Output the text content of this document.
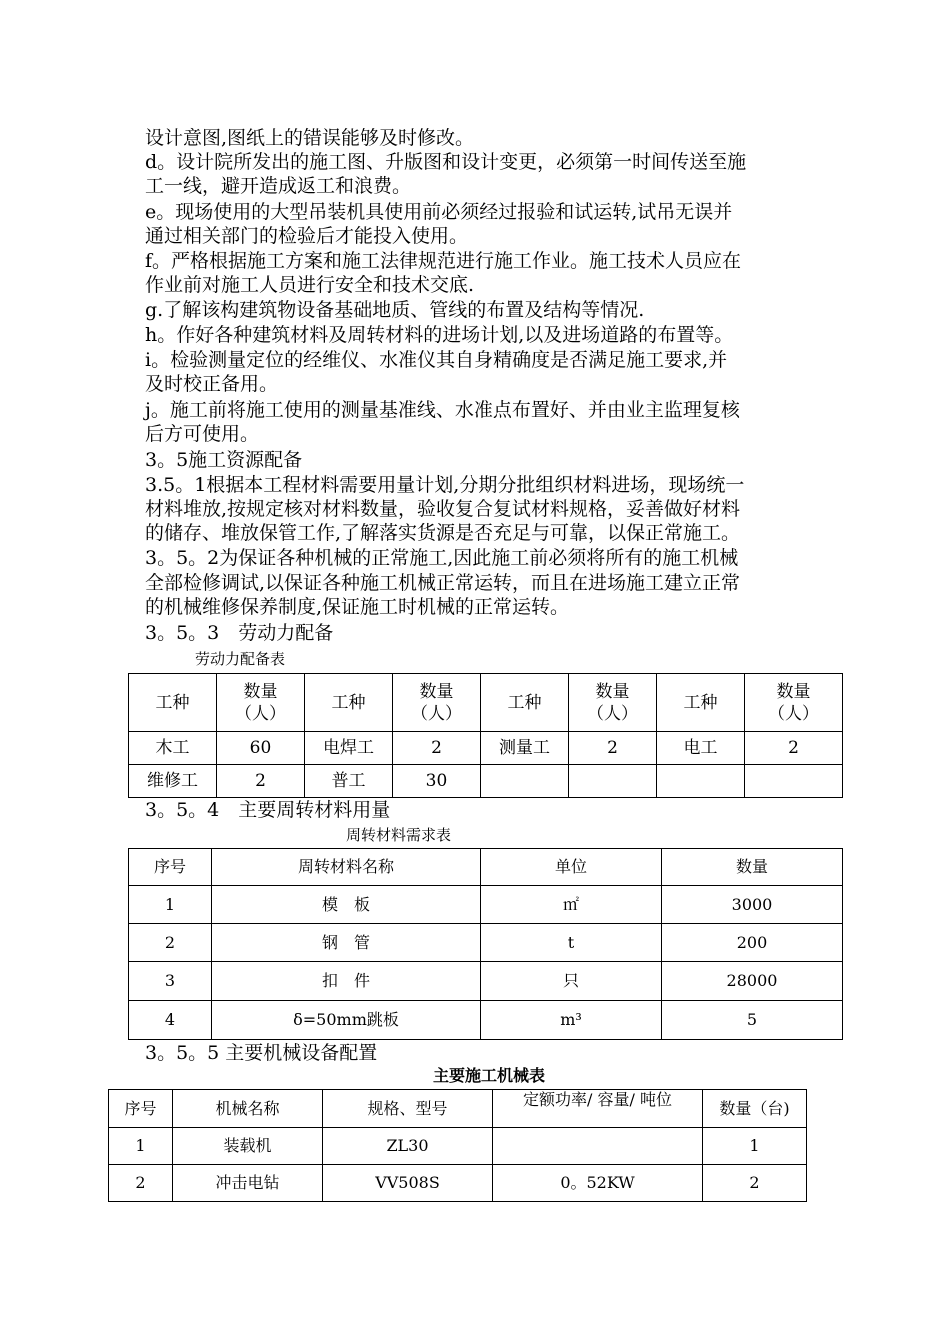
设计意图,图纸上的错误能够及时修改。

d。设计院所发出的施工图、升版图和设计变更，必须第一时间传送至施

工一线，避开造成返工和浪费。

e。现场使用的大型吊装机具使用前必须经过报验和试运转,试吊无误并

通过相关部门的检验后才能投入使用。

f。严格根据施工方案和施工法律规范进行施工作业。施工技术人员应在

作业前对施工人员进行安全和技术交底.

g.了解该构建筑物设备基础地质、管线的布置及结构等情况.

h。作好各种建筑材料及周转材料的进场计划,以及进场道路的布置等。

i。检验测量定位的经维仪、水准仪其自身精确度是否满足施工要求,并

及时校正备用。

j。施工前将施工使用的测量基准线、水准点布置好、并由业主监理复核

后方可使用。

3。5施工资源配备

3.5。1根据本工程材料需要用量计划,分期分批组织材料进场，现场统一

材料堆放,按规定核对材料数量，验收复合复试材料规格，妥善做好材料

的储存、堆放保管工作,了解落实货源是否充足与可靠，以保正常施工。

3。5。2为保证各种机械的正常施工,因此施工前必须将所有的施工机械

全部检修调试,以保证各种施工机械正常运转，而且在进场施工建立正常

的机械维修保养制度,保证施工时机械的正常运转。

3。5。3　劳动力配备

劳动力配备表
工种	数量（人）	工种	数量（人）	工种	数量（人）	工种	数量（人）
木工	60	电焊工	2	测量工	2	电工	2
维修工	2	普工	30				

3。5。4　主要周转材料用量

周转材料需求表
序号	周转材料名称	单位	数量
1	模　板	㎡	3000
2	钢　管	t	200
3	扣　件	只	28000
4	δ=50mm跳板	m³	5

3。5。5 主要机械设备配置

主要施工机械表
序号	机械名称	规格、型号	定额功率/ 容量/ 吨位	数量（台)
1	装载机	ZL30		1
2	冲击电钻	VV508S	0。52KW	2
